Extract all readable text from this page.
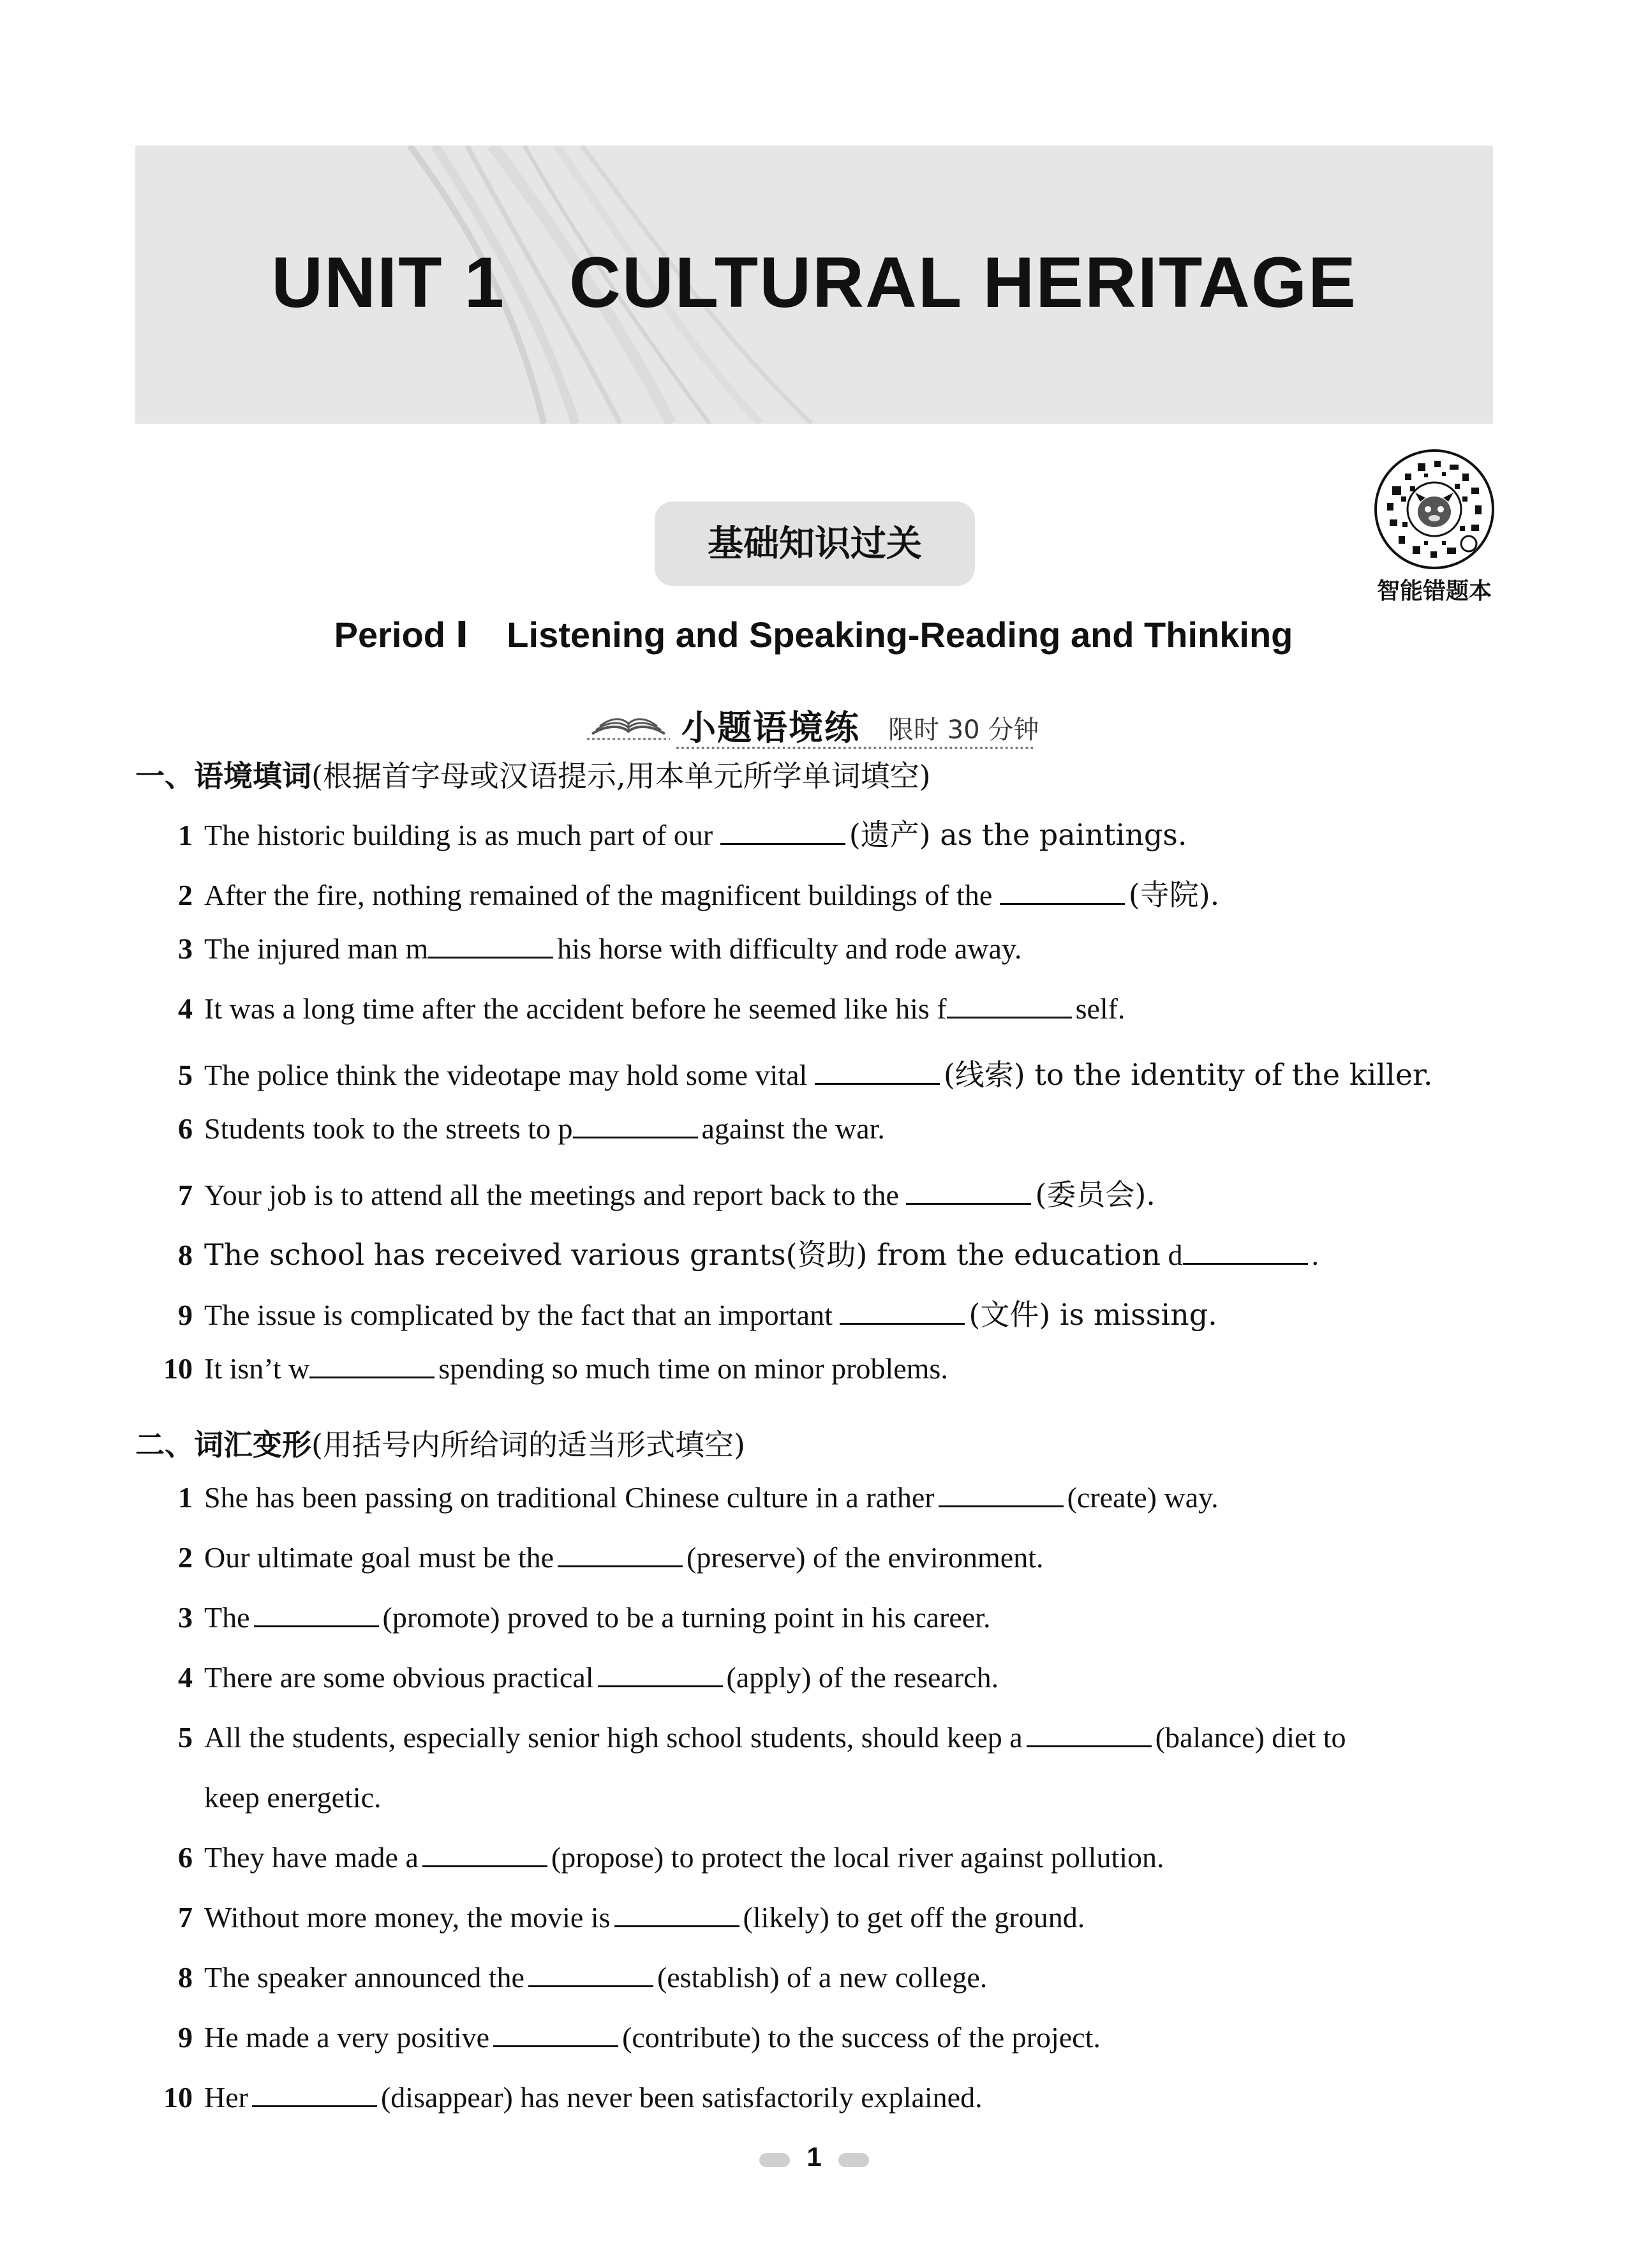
UNIT 1 CULTURAL HERITAGE
智能错题本
基础知识过关
Period Ⅰ Listening and Speaking-Reading and Thinking
小题语境练 限时 30 分钟
一、语境填词(根据首字母或汉语提示,用本单元所学单词填空)
1 The historic building is as much part of our	(遗产) as the paintings.
2 After the fire, nothing remained of the magnificent buildings of the	(寺院).
3 The injured man m	his horse with difficulty and rode away.
4 It was a long time after the accident before he seemed like his f	self.
5 The police think the videotape may hold some vital	(线索) to the identity of the killer.
6 Students took to the streets to p	against the war.
7 Your job is to attend all the meetings and report back to the	(委员会).
8 The school has received various grants(资助) from the education d	.
9 The issue is complicated by the fact that an important	(文件) is missing.
10 It isn’t w	spending so much time on minor problems.
二、词汇变形(用括号内所给词的适当形式填空)
1 She has been passing on traditional Chinese culture in a rather	(create) way.
2 Our ultimate goal must be the	(preserve) of the environment.
3 The	(promote) proved to be a turning point in his career.
4 There are some obvious practical	(apply) of the research.
5 All the students, especially senior high school students, should keep a	(balance) diet to
keep energetic.
6 They have made a	(propose) to protect the local river against pollution.
7 Without more money, the movie is	(likely) to get off the ground.
8 The speaker announced the	(establish) of a new college.
9 He made a very positive	(contribute) to the success of the project.
10 Her	(disappear) has never been satisfactorily explained.
1
